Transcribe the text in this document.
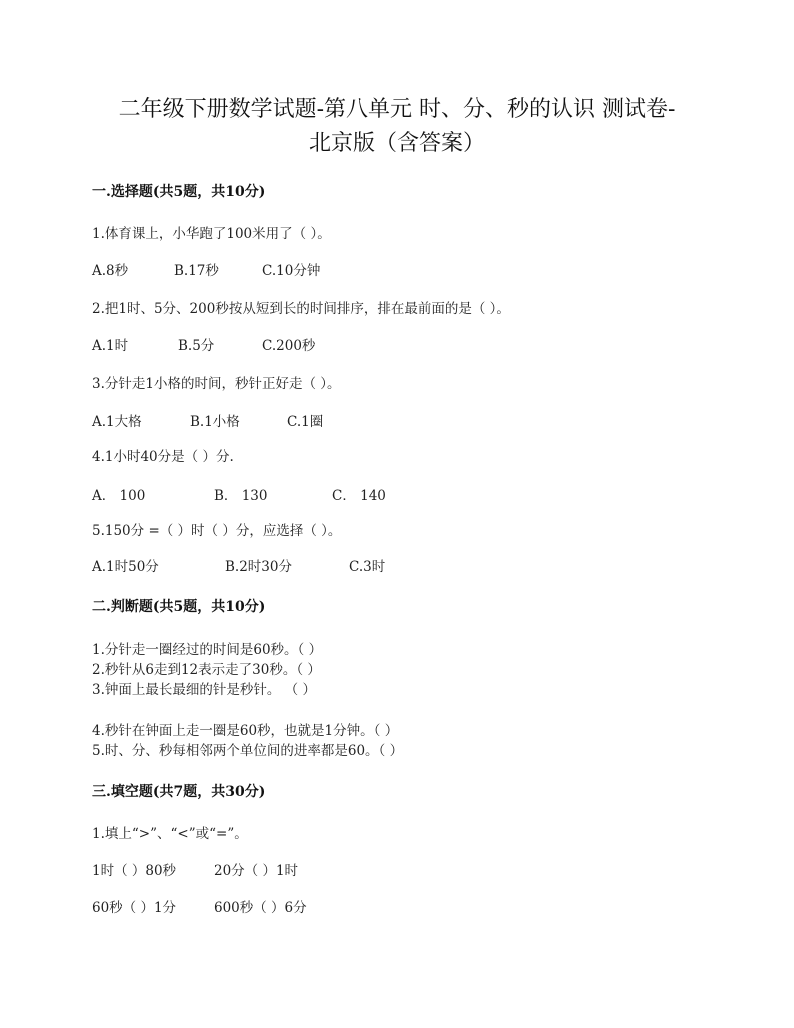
二年级下册数学试题-第八单元 时、分、秒的认识 测试卷-
北京版（含答案）
一.选择题(共5题，共10分)
1.体育课上，小华跑了100米用了（ ）。
A.8秒	B.17秒	C.10分钟
2.把1时、5分、200秒按从短到长的时间排序，排在最前面的是（ ）。
A.1时	B.5分	C.200秒
3.分针走1小格的时间，秒针正好走（ ）。
A.1大格	B.1小格	C.1圈
4.1小时40分是（ ）分.
A． 100	B． 130	C． 140
5.150分 =（ ）时（ ）分，应选择（ ）。
A.1时50分	B.2时30分	C.3时
二.判断题(共5题，共10分)
1.分针走一圈经过的时间是60秒。（ ）
2.秒针从6走到12表示走了30秒。（ ）
3.钟面上最长最细的针是秒针。 （ ）
4.秒针在钟面上走一圈是60秒，也就是1分钟。（ ）
5.时、分、秒每相邻两个单位间的进率都是60。（ ）
三.填空题(共7题，共30分)
1.填上“>”、“<”或“=”。
1时（ ）80秒	20分（ ）1时
60秒（ ）1分	600秒（ ）6分
